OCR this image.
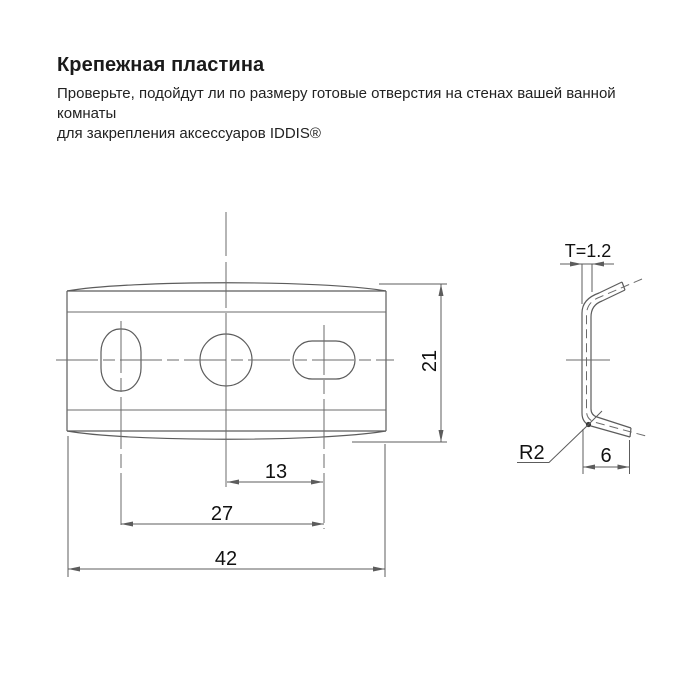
Крепежная пластина
Проверьте, подойдут ли по размеру готовые отверстия на стенах вашей ванной комнаты
для закрепления аксессуаров IDDIS®
21
13
27
42
T=1.2
R2	6
